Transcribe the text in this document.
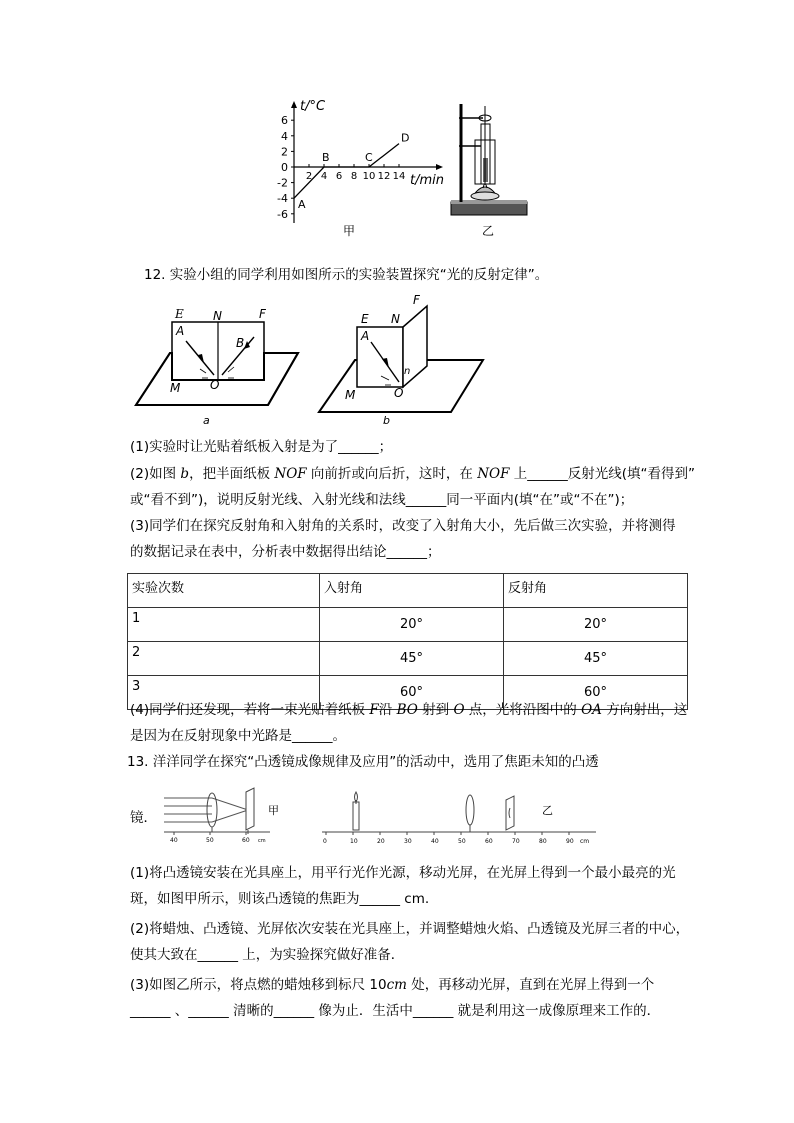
6
4
2
0
-2
-4
-6
2 4 6 8 10 12 14
A
B	C
D
t/°C
t/min
甲	乙
12. 实验小组的同学利用如图所示的实验装置探究“光的反射定律”。
E N	F
A
B
M O
a
E N
F
A
n
M	O
b
(1)实验时让光贴着纸板入射是为了______；
(2)如图 b，把半面纸板 NOF 向前折或向后折，这时，在 NOF 上______反射光线(填“看得到”
或“看不到”)，说明反射光线、入射光线和法线______同一平面内(填“在”或“不在”)；
(3)同学们在探究反射角和入射角的关系时，改变了入射角大小，先后做三次实验，并将测得
的数据记录在表中，分析表中数据得出结论______；
实验次数	入射角	反射角
1	20°	20°
2	45°	45°
3	60°	60°
(4)同学们还发现，若将一束光贴着纸板 F沿 BO 射到 O 点，光将沿图中的 OA 方向射出，这
是因为在反射现象中光路是______。
13. 洋洋同学在探究“凸透镜成像规律及应用”的活动中，选用了焦距未知的凸透
镜．
40	50	60 cm
甲
0	10	20	30	40	50	60	70	80	90 cm
乙
(1)将凸透镜安装在光具座上，用平行光作光源，移动光屏，在光屏上得到一个最小最亮的光
斑，如图甲所示，则该凸透镜的焦距为______ cm.
(2)将蜡烛、凸透镜、光屏依次安装在光具座上，并调整蜡烛火焰、凸透镜及光屏三者的中心，
使其大致在______ 上，为实验探究做好准备．
(3)如图乙所示，将点燃的蜡烛移到标尺 10cm 处，再移动光屏，直到在光屏上得到一个
______ 、______ 清晰的______ 像为止．生活中______ 就是利用这一成像原理来工作的．
